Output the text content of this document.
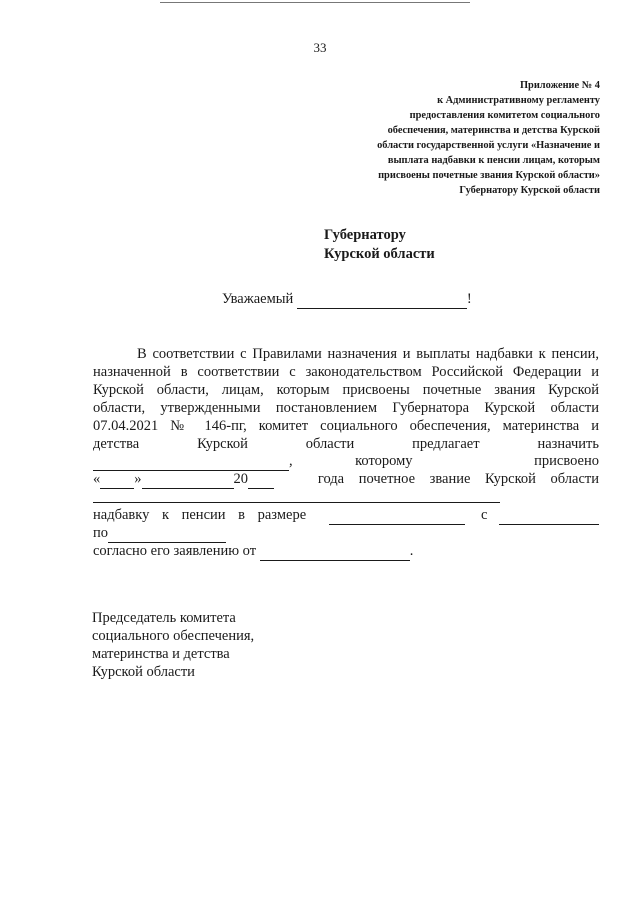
33
Приложение № 4
к Административному регламенту
предоставления комитетом социального
обеспечения, материнства и детства Курской
области государственной услуги «Назначение и
выплата надбавки к пенсии лицам, которым
присвоены почетные звания Курской области»
Губернатору Курской области
Губернатору
Курской области
Уважаемый	!
В соответствии с Правилами назначения и выплаты надбавки к пенсии,
назначенной в соответствии с законодательством Российской Федерации и
Курской области, лицам, которым присвоены почетные звания Курской
области, утвержденными постановлением Губернатора Курской области
07.04.2021 № 146-пг, комитет социального обеспечения, материнства и
детства Курской области предлагает назначить
,	которому присвоено
« »	20	года почетное звание Курской области
надбавку к пенсии в размере
	с

по
согласно его заявлению от	.
Председатель комитета
социального обеспечения,
материнства и детства
Курской области
